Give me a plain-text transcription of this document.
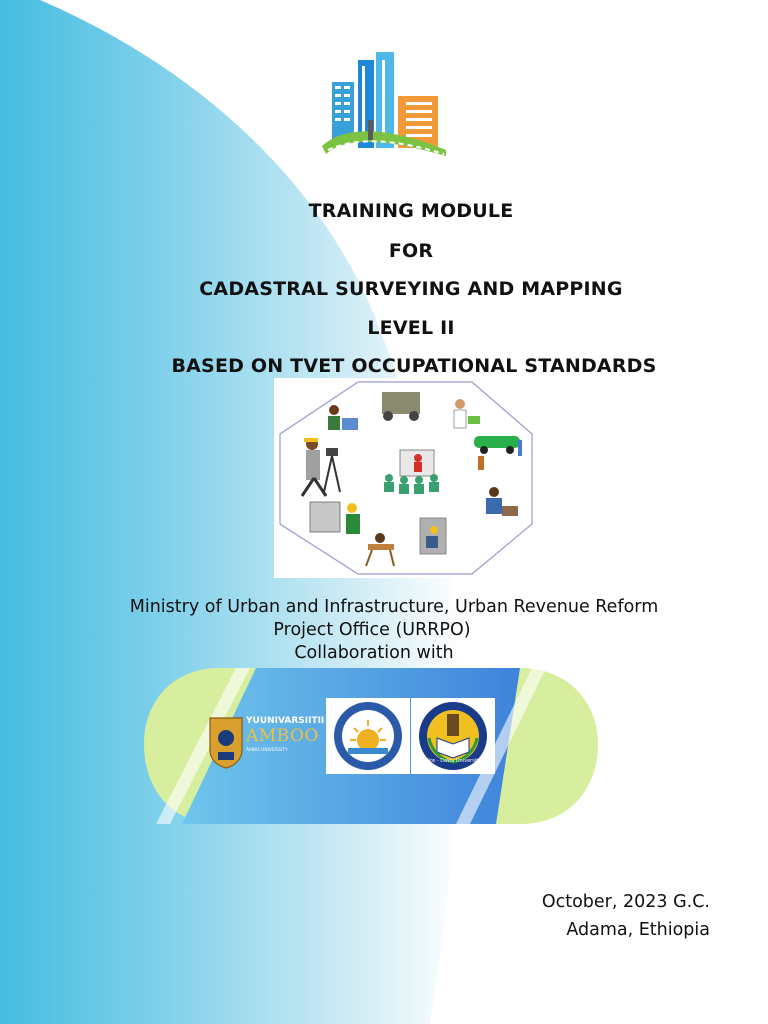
TRAINING MODULE
FOR
CADASTRAL SURVEYING AND MAPPING
LEVEL II
BASED ON TVET OCCUPATIONAL STANDARDS
Ministry of Urban and Infrastructure, Urban Revenue Reform
Project Office (URRPO)
Collaboration with
YUUNIVARSIITII
AMBOO
ÁMBO UNIVERSITY
Dire - Dawa University
October, 2023 G.C.
Adama, Ethiopia
